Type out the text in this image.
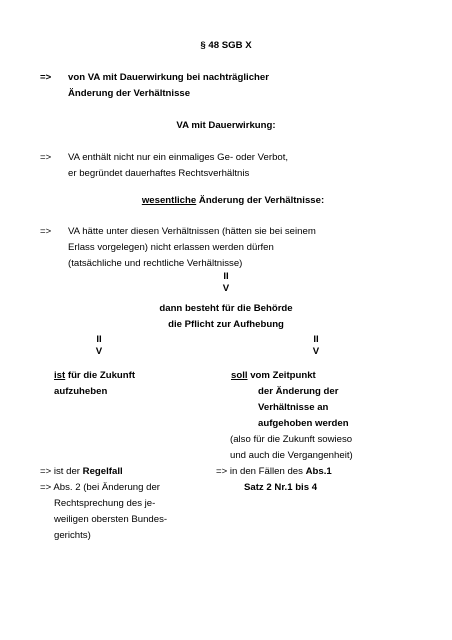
§ 48 SGB X
=> von VA mit Dauerwirkung bei nachträglicher
Änderung der Verhältnisse
VA mit Dauerwirkung:
=> VA enthält nicht nur ein einmaliges Ge- oder Verbot,
er begründet dauerhaftes Rechtsverhältnis
wesentliche Änderung der Verhältnisse:
=> VA hätte unter diesen Verhältnissen (hätten sie bei seinem
Erlass vorgelegen) nicht erlassen werden dürfen
(tatsächliche und rechtliche Verhältnisse)
II
V
dann besteht für die Behörde
die Pflicht zur Aufhebung
II
V
II
V
ist für die Zukunft
aufzuheben
soll vom Zeitpunkt
der Änderung der
Verhältnisse an
aufgehoben werden
(also für die Zukunft sowieso
und auch die Vergangenheit)
=> ist der Regelfall	=> in den Fällen des Abs.1
=> Abs. 2 (bei Änderung der	Satz 2 Nr.1 bis 4
Rechtsprechung des je-
weiligen obersten Bundes-
gerichts)
